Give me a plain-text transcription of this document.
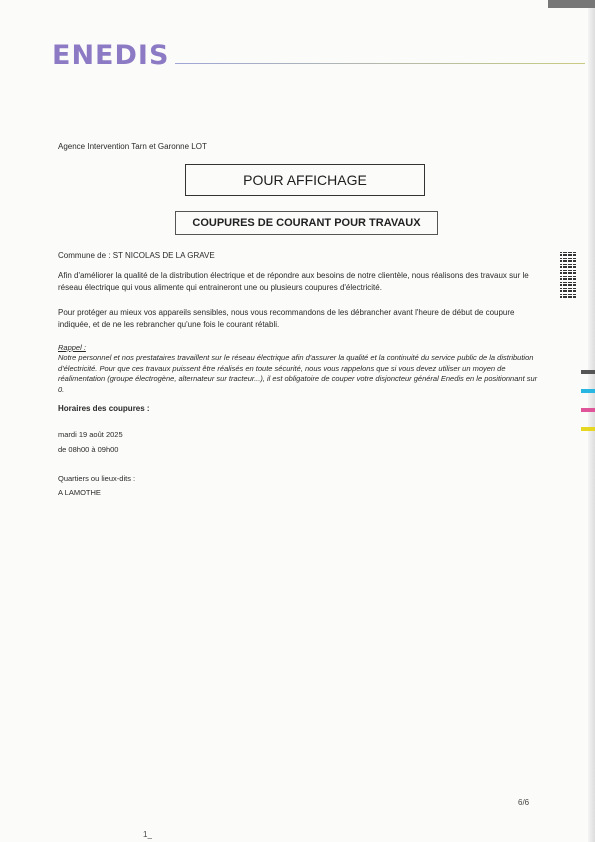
ENEDIS
Agence Intervention Tarn et Garonne LOT
POUR AFFICHAGE
COUPURES DE COURANT POUR TRAVAUX
Commune de : ST NICOLAS DE LA GRAVE
Afin d'améliorer la qualité de la distribution électrique et de répondre aux besoins de notre clientèle, nous réalisons des travaux sur le réseau électrique qui vous alimente qui entraineront une ou plusieurs coupures d'électricité.
Pour protéger au mieux vos appareils sensibles, nous vous recommandons de les débrancher avant l'heure de début de coupure indiquée, et de ne les rebrancher qu'une fois le courant rétabli.
Rappel :
Notre personnel et nos prestataires travaillent sur le réseau électrique afin d'assurer la qualité et la continuité du service public de la distribution d'électricité. Pour que ces travaux puissent être réalisés en toute sécurité, nous vous rappelons que si vous devez utiliser un moyen de réalimentation (groupe électrogène, alternateur sur tracteur...), il est obligatoire de couper votre disjoncteur général Enedis en le positionnant sur 0.
Horaires des coupures :
mardi 19 août 2025
de 08h00 à 09h00
Quartiers ou lieux-dits :
A LAMOTHE
6/6
1_
